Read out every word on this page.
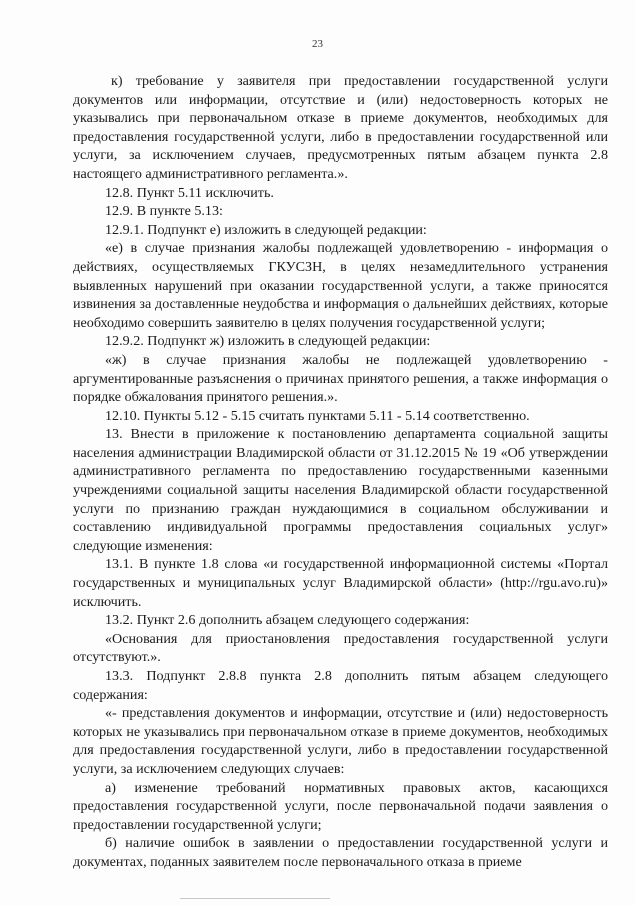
23

к) требование у заявителя при предоставлении государственной услуги документов или информации, отсутствие и (или) недостоверность которых не указывались при первоначальном отказе в приеме документов, необходимых для предоставления государственной услуги, либо в предоставлении государственной или услуги, за исключением случаев, предусмотренных пятым абзацем пункта 2.8 настоящего административного регламента.».

12.8. Пункт 5.11 исключить.

12.9. В пункте 5.13:

12.9.1. Подпункт е) изложить в следующей редакции:

«е) в случае признания жалобы подлежащей удовлетворению - информация о действиях, осуществляемых ГКУСЗН, в целях незамедлительного устранения выявленных нарушений при оказании государственной услуги, а также приносятся извинения за доставленные неудобства и информация о дальнейших действиях, которые необходимо совершить заявителю в целях получения государственной услуги;

12.9.2. Подпункт ж) изложить в следующей редакции:

«ж) в случае признания жалобы не подлежащей удовлетворению - аргументированные разъяснения о причинах принятого решения, а также информация о порядке обжалования принятого решения.».

12.10. Пункты 5.12 - 5.15 считать пунктами 5.11 - 5.14 соответственно.

13. Внести в приложение к постановлению департамента социальной защиты населения администрации Владимирской области от 31.12.2015 № 19 «Об утверждении административного регламента по предоставлению государственными казенными учреждениями социальной защиты населения Владимирской области государственной услуги по признанию граждан нуждающимися в социальном обслуживании и составлению индивидуальной программы предоставления социальных услуг» следующие изменения:

13.1. В пункте 1.8 слова «и государственной информационной системы «Портал государственных и муниципальных услуг Владимирской области» (http://rgu.avo.ru)» исключить.

13.2. Пункт 2.6 дополнить абзацем следующего содержания:

«Основания для приостановления предоставления государственной услуги отсутствуют.».

13.3. Подпункт 2.8.8 пункта 2.8 дополнить пятым абзацем следующего содержания:

«- представления документов и информации, отсутствие и (или) недостоверность которых не указывались при первоначальном отказе в приеме документов, необходимых для предоставления государственной услуги, либо в предоставлении государственной услуги, за исключением следующих случаев:

а) изменение требований нормативных правовых актов, касающихся предоставления государственной услуги, после первоначальной подачи заявления о предоставлении государственной услуги;

б) наличие ошибок в заявлении о предоставлении государственной услуги и документах, поданных заявителем после первоначального отказа в приеме
